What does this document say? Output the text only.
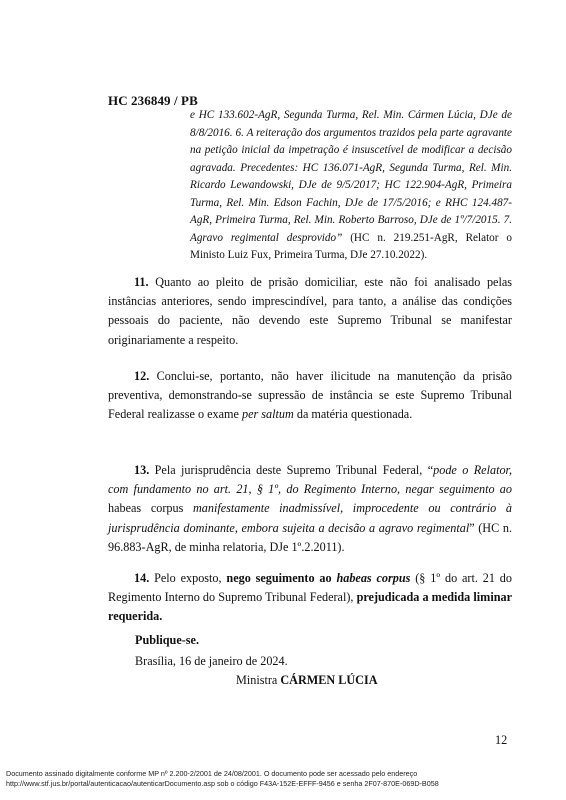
HC 236849 / PB
e HC 133.602-AgR, Segunda Turma, Rel. Min. Cármen Lúcia, DJe de 8/8/2016. 6. A reiteração dos argumentos trazidos pela parte agravante na petição inicial da impetração é insuscetível de modificar a decisão agravada. Precedentes: HC 136.071-AgR, Segunda Turma, Rel. Min. Ricardo Lewandowski, DJe de 9/5/2017; HC 122.904-AgR, Primeira Turma, Rel. Min. Edson Fachin, DJe de 17/5/2016; e RHC 124.487-AgR, Primeira Turma, Rel. Min. Roberto Barroso, DJe de 1º/7/2015. 7. Agravo regimental desprovido” (HC n. 219.251-AgR, Relator o Ministo Luiz Fux, Primeira Turma, DJe 27.10.2022).
11. Quanto ao pleito de prisão domiciliar, este não foi analisado pelas instâncias anteriores, sendo imprescindível, para tanto, a análise das condições pessoais do paciente, não devendo este Supremo Tribunal se manifestar originariamente a respeito.
12. Conclui-se, portanto, não haver ilicitude na manutenção da prisão preventiva, demonstrando-se supressão de instância se este Supremo Tribunal Federal realizasse o exame per saltum da matéria questionada.
13. Pela jurisprudência deste Supremo Tribunal Federal, “pode o Relator, com fundamento no art. 21, § 1º, do Regimento Interno, negar seguimento ao habeas corpus manifestamente inadmissível, improcedente ou contrário à jurisprudência dominante, embora sujeita a decisão a agravo regimental” (HC n. 96.883-AgR, de minha relatoria, DJe 1º.2.2011).
14. Pelo exposto, nego seguimento ao habeas corpus (§ 1º do art. 21 do Regimento Interno do Supremo Tribunal Federal), prejudicada a medida liminar requerida.
Publique-se.
Brasília, 16 de janeiro de 2024.
Ministra CÁRMEN LÚCIA
12
Documento assinado digitalmente conforme MP nº 2.200-2/2001 de 24/08/2001. O documento pode ser acessado pelo endereço
http://www.stf.jus.br/portal/autenticacao/autenticarDocumento.asp sob o código F43A-152E-EFFF-9456 e senha 2F07-870E-069D-B058
